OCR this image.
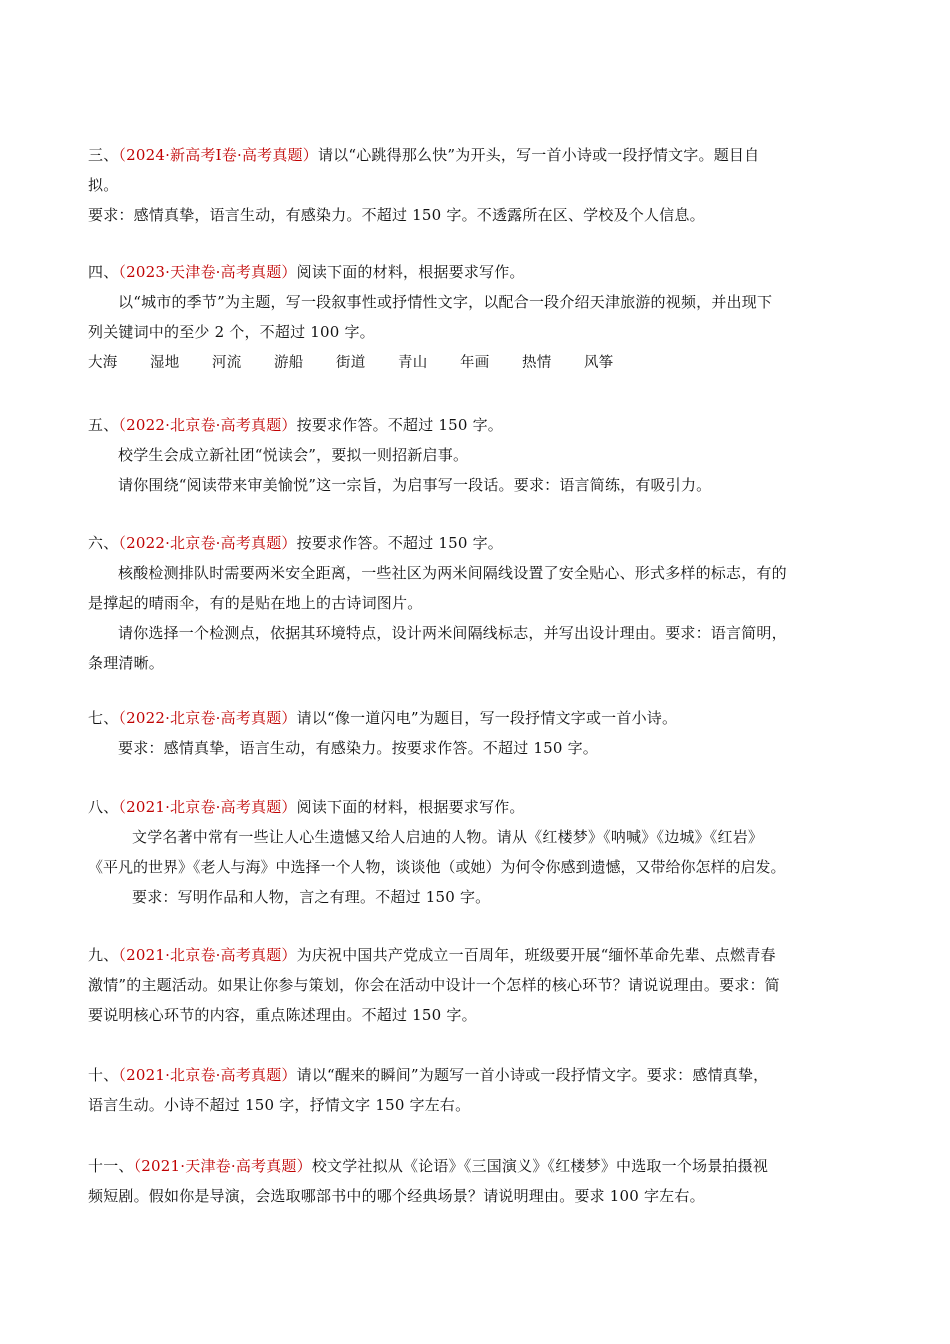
三、（2024·新高考Ⅰ卷·高考真题）请以“心跳得那么快”为开头，写一首小诗或一段抒情文字。题目自
拟。
要求：感情真挚，语言生动，有感染力。不超过 150 字。不透露所在区、学校及个人信息。
四、（2023·天津卷·高考真题）阅读下面的材料，根据要求写作。
以“城市的季节”为主题，写一段叙事性或抒情性文字，以配合一段介绍天津旅游的视频，并出现下
列关键词中的至少 2 个，不超过 100 字。
大海 湿地 河流 游船 街道 青山 年画 热情 风筝
五、（2022·北京卷·高考真题）按要求作答。不超过 150 字。
校学生会成立新社团“悦读会”，要拟一则招新启事。
请你围绕“阅读带来审美愉悦”这一宗旨，为启事写一段话。要求：语言简练，有吸引力。
六、（2022·北京卷·高考真题）按要求作答。不超过 150 字。
核酸检测排队时需要两米安全距离，一些社区为两米间隔线设置了安全贴心、形式多样的标志，有的
是撑起的晴雨伞，有的是贴在地上的古诗词图片。
请你选择一个检测点，依据其环境特点，设计两米间隔线标志，并写出设计理由。要求：语言简明，
条理清晰。
七、（2022·北京卷·高考真题）请以“像一道闪电”为题目，写一段抒情文字或一首小诗。
要求：感情真挚，语言生动，有感染力。按要求作答。不超过 150 字。
八、（2021·北京卷·高考真题）阅读下面的材料，根据要求写作。
文学名著中常有一些让人心生遗憾又给人启迪的人物。请从《红楼梦》《呐喊》《边城》《红岩》
《平凡的世界》《老人与海》中选择一个人物，谈谈他（或她）为何令你感到遗憾，又带给你怎样的启发。
要求：写明作品和人物，言之有理。不超过 150 字。
九、（2021·北京卷·高考真题）为庆祝中国共产党成立一百周年，班级要开展“缅怀革命先辈、点燃青春
激情”的主题活动。如果让你参与策划，你会在活动中设计一个怎样的核心环节？请说说理由。要求：简
要说明核心环节的内容，重点陈述理由。不超过 150 字。
十、（2021·北京卷·高考真题）请以“醒来的瞬间”为题写一首小诗或一段抒情文字。要求：感情真挚，
语言生动。小诗不超过 150 字，抒情文字 150 字左右。
十一、（2021·天津卷·高考真题）校文学社拟从《论语》《三国演义》《红楼梦》中选取一个场景拍摄视
频短剧。假如你是导演，会选取哪部书中的哪个经典场景？请说明理由。要求 100 字左右。
